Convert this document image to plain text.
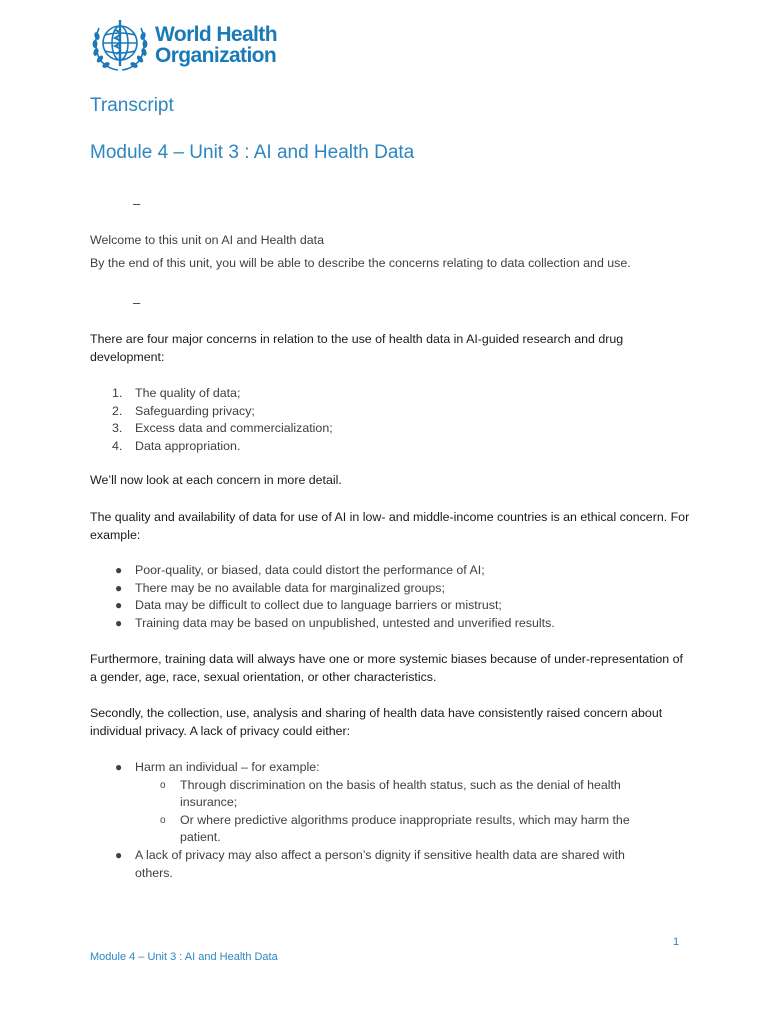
World Health
Organization
Transcript
Module 4 – Unit 3 : AI and Health Data
–

Welcome to this unit on AI and Health data

By the end of this unit, you will be able to describe the concerns relating to data collection and use.

–

There are four major concerns in relation to the use of health data in AI-guided research and drug development:

1.	The quality of data;
2.	Safeguarding privacy;
3.	Excess data and commercialization;
4.	Data appropriation.

We’ll now look at each concern in more detail.

The quality and availability of data for use of AI in low- and middle-income countries is an ethical concern. For example:

●	Poor-quality, or biased, data could distort the performance of AI;
●	There may be no available data for marginalized groups;
●	Data may be difficult to collect due to language barriers or mistrust;
●	Training data may be based on unpublished, untested and unverified results.

Furthermore, training data will always have one or more systemic biases because of under-representation of a gender, age, race, sexual orientation, or other characteristics.

Secondly, the collection, use, analysis and sharing of health data have consistently raised concern about individual privacy. A lack of privacy could either:

●	Harm an individual – for example:
o	Through discrimination on the basis of health status, such as the denial of health insurance;
o	Or where predictive algorithms produce inappropriate results, which may harm the patient.
●	A lack of privacy may also affect a person’s dignity if sensitive health data are shared with others.
1
Module 4 – Unit 3 : AI and Health Data
